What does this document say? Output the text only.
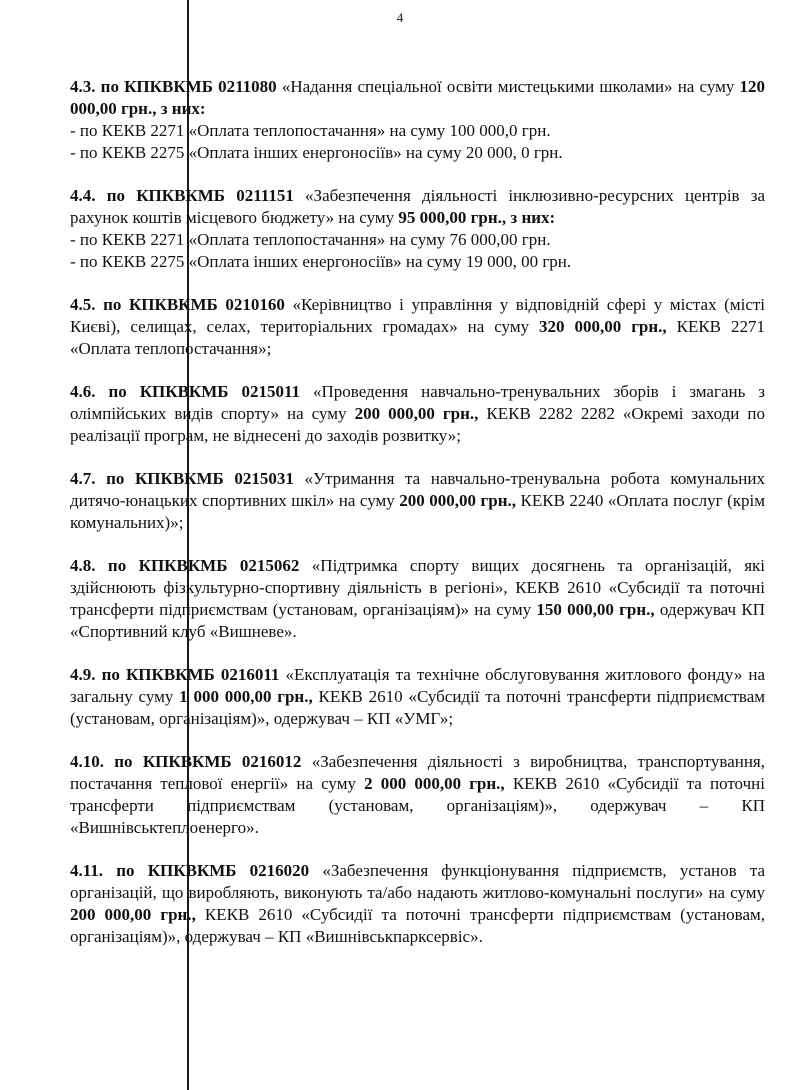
4
4.3. по КПКВКМБ 0211080 «Надання спеціальної освіти мистецькими школами» на суму 120 000,00 грн., з них:
- по КЕКВ 2271 «Оплата теплопостачання» на суму 100 000,0 грн.
- по КЕКВ 2275 «Оплата інших енергоносіїв» на суму 20 000, 0 грн.
4.4. по КПКВКМБ 0211151 «Забезпечення діяльності інклюзивно-ресурсних центрів за рахунок коштів місцевого бюджету» на суму 95 000,00 грн., з них:
- по КЕКВ 2271 «Оплата теплопостачання» на суму 76 000,00 грн.
- по КЕКВ 2275 «Оплата інших енергоносіїв» на суму 19 000, 00 грн.
4.5. по КПКВКМБ 0210160 «Керівництво і управління у відповідній сфері у містах (місті Києві), селищах, селах, територіальних громадах» на суму 320 000,00 грн., КЕКВ 2271 «Оплата теплопостачання»;
4.6. по КПКВКМБ 0215011 «Проведення навчально-тренувальних зборів і змагань з олімпійських видів спорту» на суму 200 000,00 грн., КЕКВ 2282 2282 «Окремі заходи по реалізації програм, не віднесені до заходів розвитку»;
4.7. по КПКВКМБ 0215031 «Утримання та навчально-тренувальна робота комунальних дитячо-юнацьких спортивних шкіл» на суму 200 000,00 грн., КЕКВ 2240 «Оплата послуг (крім комунальних)»;
4.8. по КПКВКМБ 0215062 «Підтримка спорту вищих досягнень та організацій, які здійснюють фізкультурно-спортивну діяльність в регіоні», КЕКВ 2610 «Субсидії та поточні трансферти підприємствам (установам, організаціям)» на суму 150 000,00 грн., одержувач КП «Спортивний клуб «Вишневе».
4.9. по КПКВКМБ 0216011 «Експлуатація та технічне обслуговування житлового фонду» на загальну суму 1 000 000,00 грн., КЕКВ 2610 «Субсидії та поточні трансферти підприємствам (установам, організаціям)», одержувач – КП «УМГ»;
4.10. по КПКВКМБ 0216012 «Забезпечення діяльності з виробництва, транспортування, постачання теплової енергії» на суму 2 000 000,00 грн., КЕКВ 2610 «Субсидії та поточні трансферти підприємствам (установам, організаціям)», одержувач – КП «Вишнівськтеплоенерго».
4.11. по КПКВКМБ 0216020 «Забезпечення функціонування підприємств, установ та організацій, що виробляють, виконують та/або надають житлово-комунальні послуги» на суму 200 000,00 грн., КЕКВ 2610 «Субсидії та поточні трансферти підприємствам (установам, організаціям)», одержувач – КП «Вишнівськпарксервіс».
